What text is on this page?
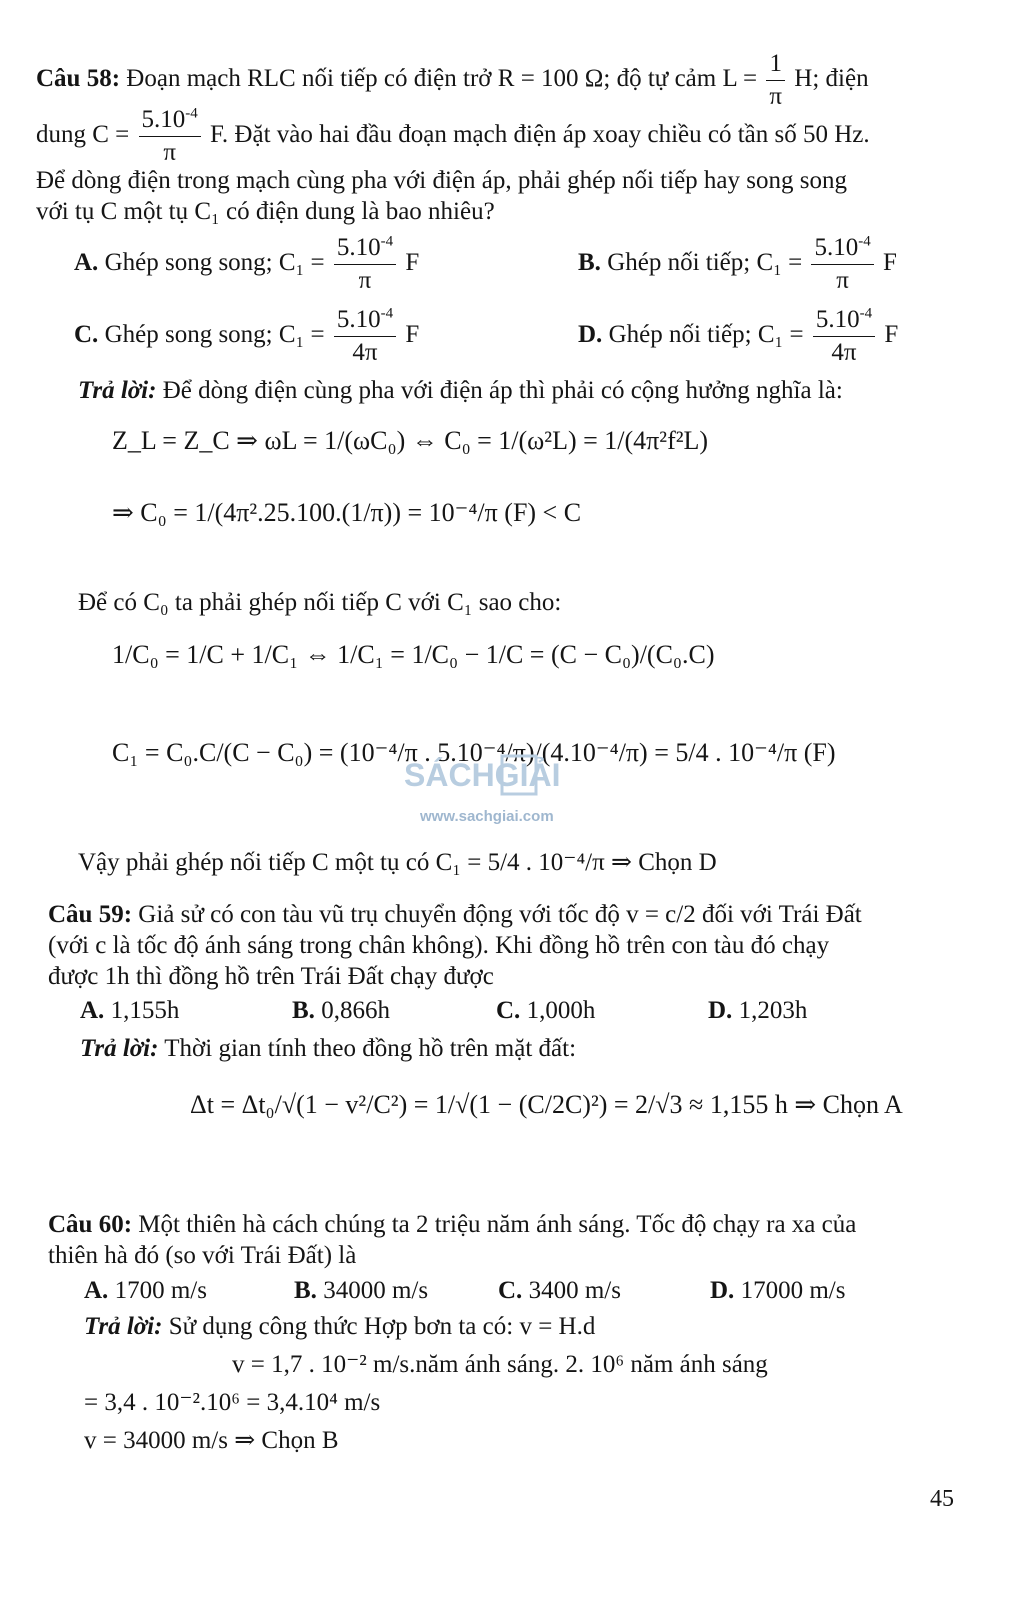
Câu 58: Đoạn mạch RLC nối tiếp có điện trở R = 100 Ω; độ tự cảm $L = \frac{1}{\pi} H$; điện
dung $C = \frac{5.10^{-4}}{\pi} F$. Đặt vào hai đầu đoạn mạch điện áp xoay chiều có tần số 50 Hz.
Để dòng điện trong mạch cùng pha với điện áp, phải ghép nối tiếp hay song song
với tụ C một tụ C₁ có điện dung là bao nhiêu?
A. Ghép song song; $C_1 = \frac{5.10^{-4}}{\pi}$ F	B. Ghép nối tiếp; $C_1 = \frac{5.10^{-4}}{\pi}$ F
C. Ghép song song; $C_1 = \frac{5.10^{-4}}{4\pi}$ F	D. Ghép nối tiếp; $C_1 = \frac{5.10^{-4}}{4\pi}$ F
Trả lời: Để dòng điện cùng pha với điện áp thì phải có cộng hưởng nghĩa là:
Z_L = Z_C ⇒ ωL = 1/(ωC₀) ⇔ C₀ = 1/(ω²L) = 1/(4π²f²L)
⇒ C₀ = 1/(4π².25.100.(1/π)) = 10⁻⁴/π (F) < C
Để có C₀ ta phải ghép nối tiếp C với C₁ sao cho:
1/C₀ = 1/C + 1/C₁ ⇔ 1/C₁ = 1/C₀ − 1/C = (C − C₀)/(C₀.C)
C₁ = C₀.C/(C − C₀) = (10⁻⁴/π . 5.10⁻⁴/π)/(4.10⁻⁴/π) = 5/4 . 10⁻⁴/π (F)
SÁCHGIẢI
www.sachgiai.com
Vậy phải ghép nối tiếp C một tụ có C₁ = 5/4 . 10⁻⁴/π ⇒ Chọn D
Câu 59: Giả sử có con tàu vũ trụ chuyển động với tốc độ v = c/2 đối với Trái Đất
(với c là tốc độ ánh sáng trong chân không). Khi đồng hồ trên con tàu đó chạy
được 1h thì đồng hồ trên Trái Đất chạy được
A. 1,155h	B. 0,866h	C. 1,000h	D. 1,203h
Trả lời: Thời gian tính theo đồng hồ trên mặt đất:
Δt = Δt₀/√(1 − v²/C²) = 1/√(1 − (C/2C)²) = 2/√3 ≈ 1,155 h ⇒ Chọn A
Câu 60: Một thiên hà cách chúng ta 2 triệu năm ánh sáng. Tốc độ chạy ra xa của
thiên hà đó (so với Trái Đất) là
A. 1700 m/s	B. 34000 m/s	C. 3400 m/s	D. 17000 m/s
Trả lời: Sử dụng công thức Hợp bơn ta có: v = H.d
v = 1,7 . 10⁻² m/s.năm ánh sáng. 2. 10⁶ năm ánh sáng
= 3,4 . 10⁻².10⁶ = 3,4.10⁴ m/s
v = 34000 m/s ⇒ Chọn B
45
